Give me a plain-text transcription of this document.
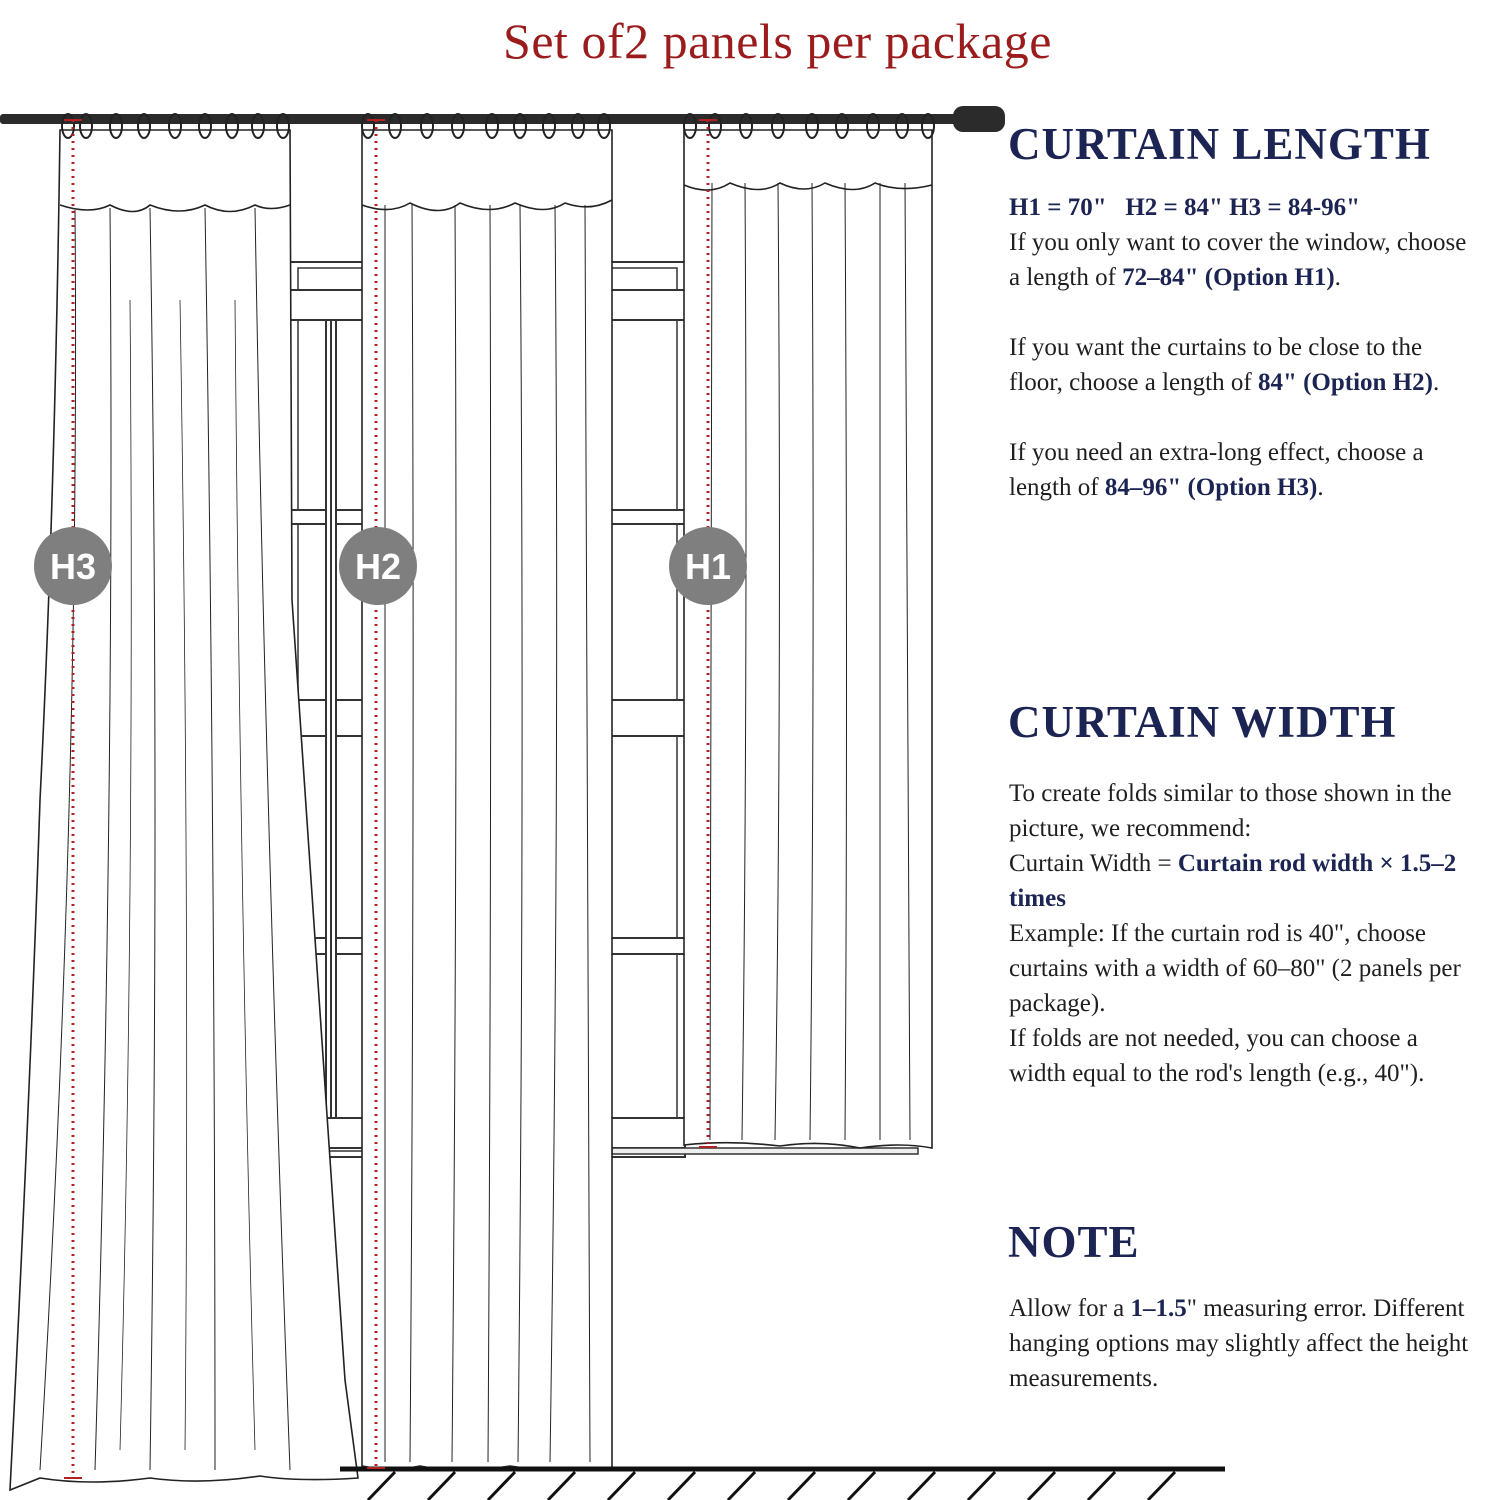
Set of2 panels per package
H3	H2	H1
CURTAIN LENGTH

H1 = 70" H2 = 84" H3 = 84-96"

If you only want to cover the window, choose a length of 72–84" (Option H1).

If you want the curtains to be close to the floor, choose a length of 84" (Option H2).

If you need an extra-long effect, choose a length of 84–96" (Option H3).

CURTAIN WIDTH

To create folds similar to those shown in the picture, we recommend:

Curtain Width = Curtain rod width × 1.5–2 times

Example: If the curtain rod is 40", choose curtains with a width of 60–80" (2 panels per package).

If folds are not needed, you can choose a width equal to the rod's length (e.g., 40").

NOTE

Allow for a 1–1.5" measuring error. Different hanging options may slightly affect the height measurements.
